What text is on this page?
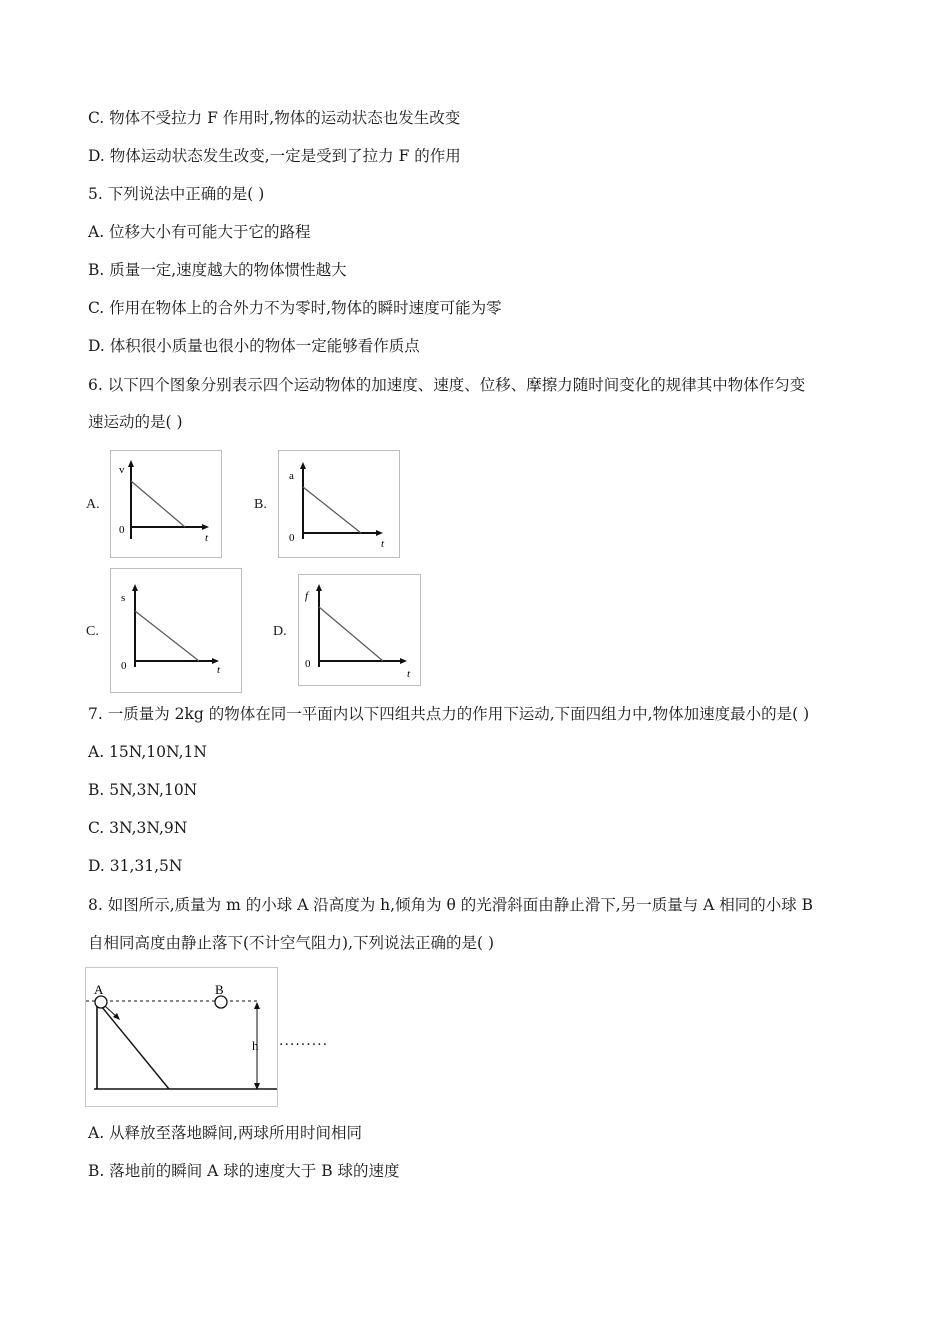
C. 物体不受拉力 F 作用时,物体的运动状态也发生改变
D. 物体运动状态发生改变,一定是受到了拉力 F 的作用
5. 下列说法中正确的是( )
A. 位移大小有可能大于它的路程
B. 质量一定,速度越大的物体惯性越大
C. 作用在物体上的合外力不为零时,物体的瞬时速度可能为零
D. 体积很小质量也很小的物体一定能够看作质点
6. 以下四个图象分别表示四个运动物体的加速度、速度、位移、摩擦力随时间变化的规律其中物体作匀变
速运动的是( )
A.
v
0
t
B.
a
0	t
C.
s
0	t
D.
f
0
t
7. 一质量为 2kg 的物体在同一平面内以下四组共点力的作用下运动,下面四组力中,物体加速度最小的是( )
A. 15N,10N,1N
B. 5N,3N,10N
C. 3N,3N,9N
D. 31,31,5N
8. 如图所示,质量为 m 的小球 A 沿高度为 h,倾角为 θ 的光滑斜面由静止滑下,另一质量与 A 相同的小球 B
自相同高度由静止落下(不计空气阻力),下列说法正确的是( )
A	B
h .........
A. 从释放至落地瞬间,两球所用时间相同
B. 落地前的瞬间 A 球的速度大于 B 球的速度
